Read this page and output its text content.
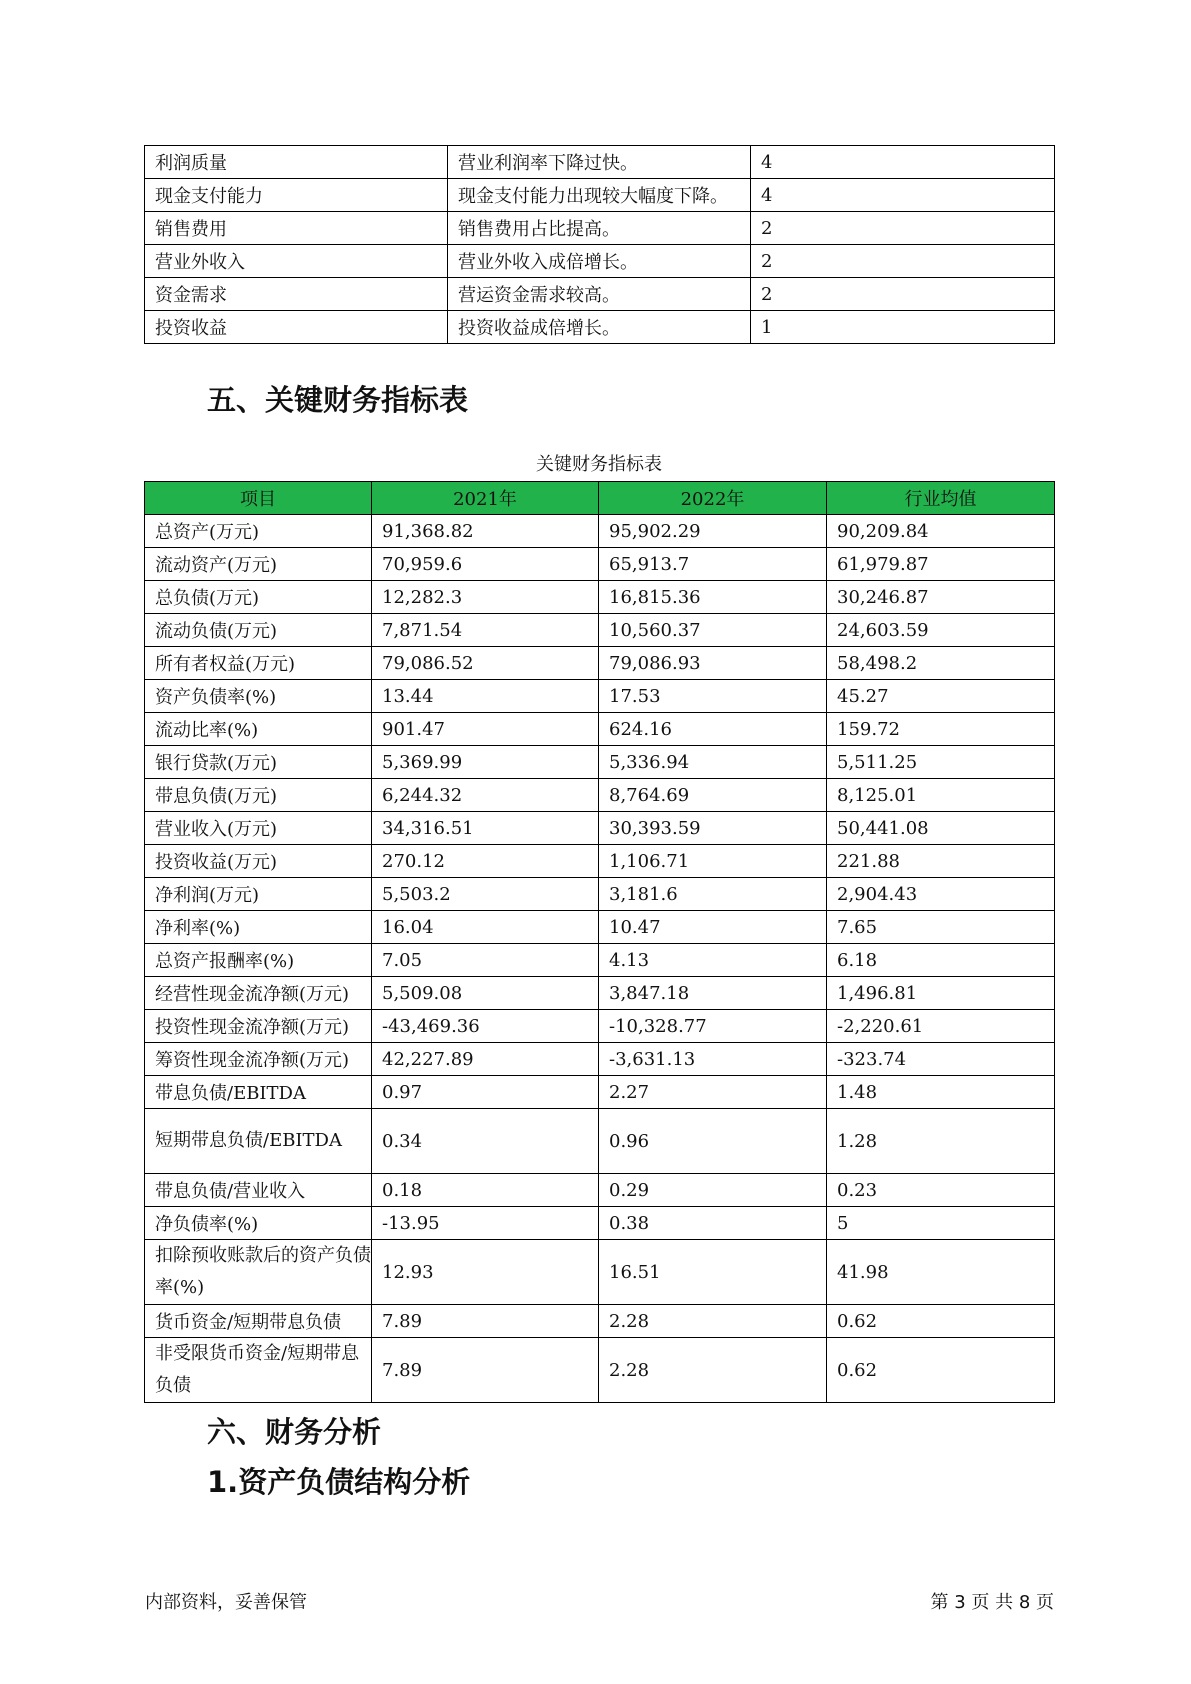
利润质量	营业利润率下降过快。	4
现金支付能力	现金支付能力出现较大幅度下降。	4
销售费用	销售费用占比提高。	2
营业外收入	营业外收入成倍增长。	2
资金需求	营运资金需求较高。	2
投资收益	投资收益成倍增长。	1
五、关键财务指标表
关键财务指标表
项目	2021年	2022年	行业均值
总资产(万元)	91,368.82	95,902.29	90,209.84
流动资产(万元)	70,959.6	65,913.7	61,979.87
总负债(万元)	12,282.3	16,815.36	30,246.87
流动负债(万元)	7,871.54	10,560.37	24,603.59
所有者权益(万元)	79,086.52	79,086.93	58,498.2
资产负债率(%)	13.44	17.53	45.27
流动比率(%)	901.47	624.16	159.72
银行贷款(万元)	5,369.99	5,336.94	5,511.25
带息负债(万元)	6,244.32	8,764.69	8,125.01
营业收入(万元)	34,316.51	30,393.59	50,441.08
投资收益(万元)	270.12	1,106.71	221.88
净利润(万元)	5,503.2	3,181.6	2,904.43
净利率(%)	16.04	10.47	7.65
总资产报酬率(%)	7.05	4.13	6.18
经营性现金流净额(万元)	5,509.08	3,847.18	1,496.81
投资性现金流净额(万元)	-43,469.36	-10,328.77	-2,220.61
筹资性现金流净额(万元)	42,227.89	-3,631.13	-323.74
带息负债/EBITDA	0.97	2.27	1.48
短期带息负债/EBITDA	0.34	0.96	1.28
带息负债/营业收入	0.18	0.29	0.23
净负债率(%)	-13.95	0.38	5
扣除预收账款后的资产负债率(%)	12.93	16.51	41.98
货币资金/短期带息负债	7.89	2.28	0.62
非受限货币资金/短期带息负债	7.89	2.28	0.62
六、财务分析
1.资产负债结构分析
内部资料，妥善保管	第 3 页 共 8 页
